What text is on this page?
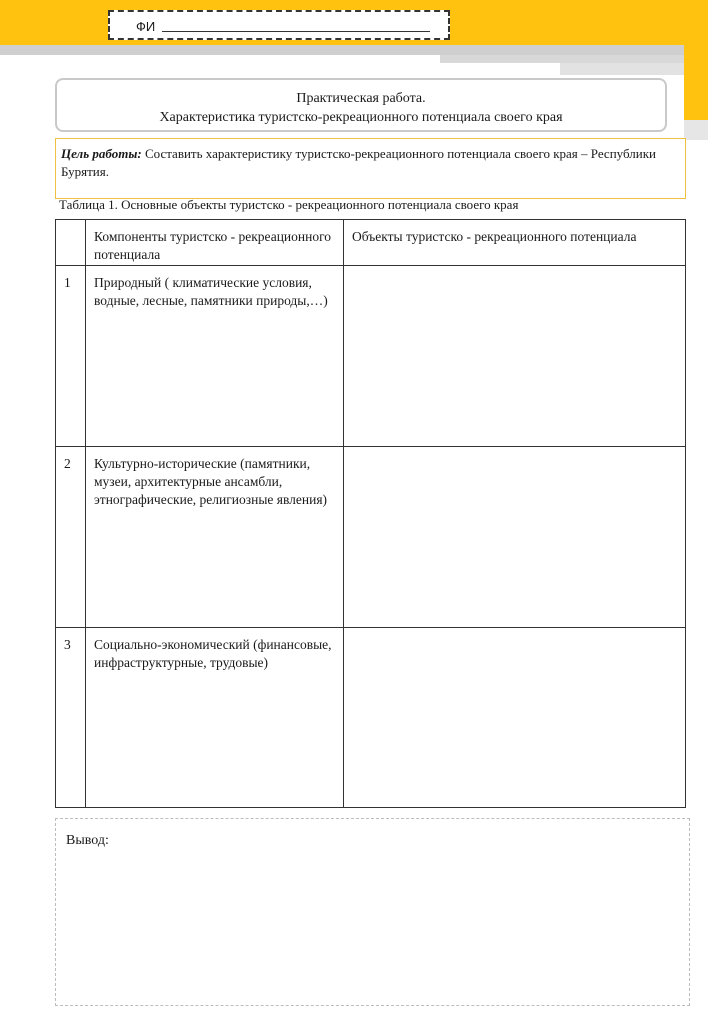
ФИ
Практическая работа.
Характеристика туристско-рекреационного потенциала своего края
Цель работы: Составить характеристику туристско-рекреационного потенциала своего края – Республики Бурятия.
Таблица 1. Основные объекты туристско - рекреационного потенциала своего края
	Компоненты туристско - рекреационного потенциала	Объекты туристско - рекреационного потенциала
1	Природный ( климатические условия, водные, лесные, памятники природы,…)	
2	Культурно-исторические (памятники, музеи, архитектурные ансамбли,
этнографические, религиозные явления)	
3	Социально-экономический (финансовые, инфраструктурные, трудовые)	
Вывод:
